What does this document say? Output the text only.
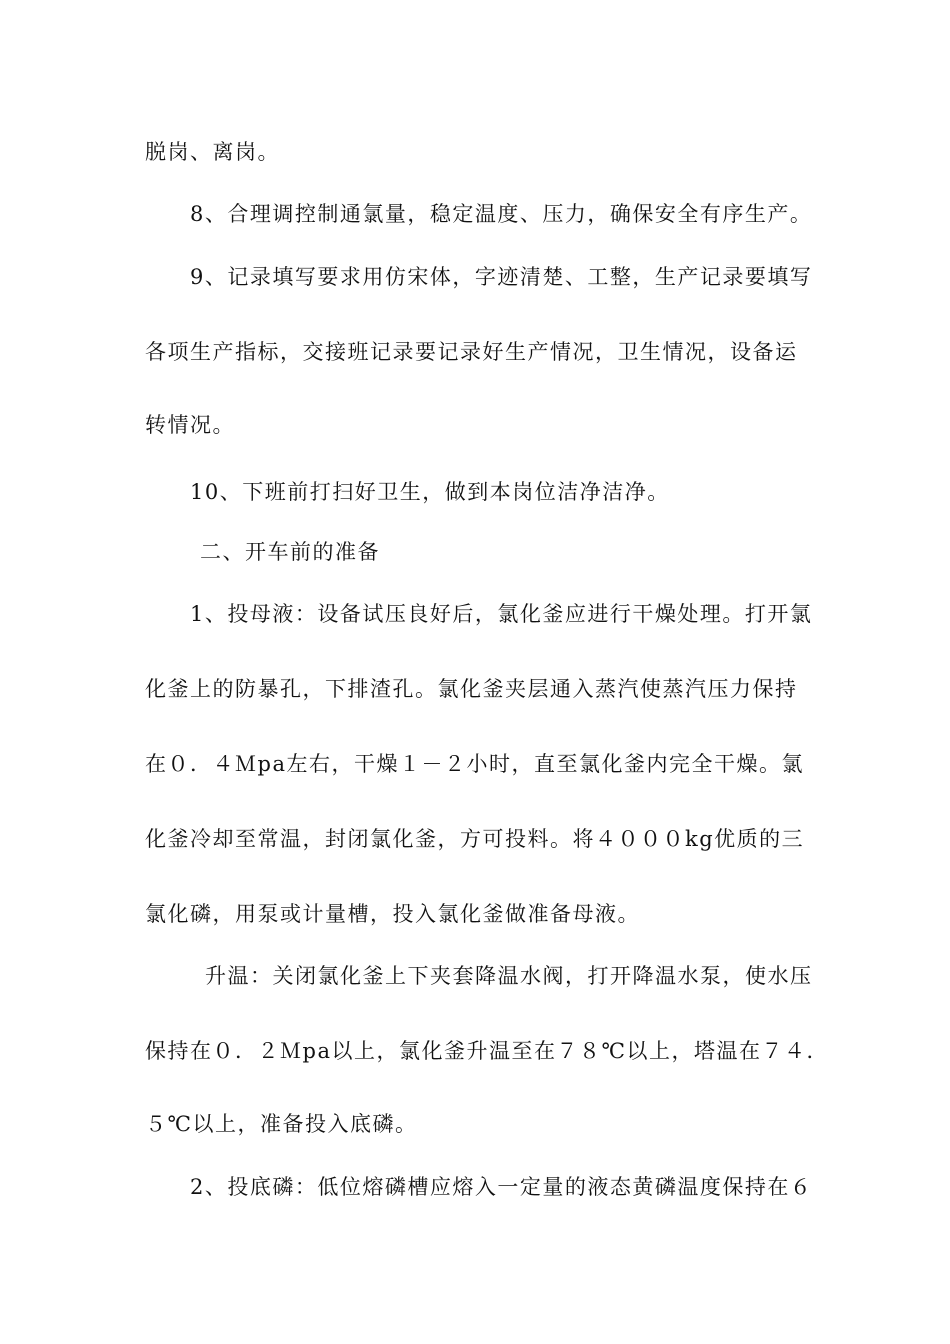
脱岗、离岗。
8、合理调控制通氯量，稳定温度、压力，确保安全有序生产。
9、记录填写要求用仿宋体，字迹清楚、工整，生产记录要填写
各项生产指标，交接班记录要记录好生产情况，卫生情况，设备运
转情况。
10、下班前打扫好卫生，做到本岗位洁净洁净。
二、开车前的准备
1、投母液：设备试压良好后，氯化釜应进行干燥处理。打开氯
化釜上的防暴孔，下排渣孔。氯化釜夹层通入蒸汽使蒸汽压力保持
在０．４Ｍpa左右，干燥１－２小时，直至氯化釜内完全干燥。氯
化釜冷却至常温，封闭氯化釜，方可投料。将４０００kg优质的三
氯化磷，用泵或计量槽，投入氯化釜做准备母液。
升温：关闭氯化釜上下夹套降温水阀，打开降温水泵，使水压
保持在０．２Ｍpa以上，氯化釜升温至在７８℃以上，塔温在７４．
５℃以上，准备投入底磷。
2、投底磷：低位熔磷槽应熔入一定量的液态黄磷温度保持在６
